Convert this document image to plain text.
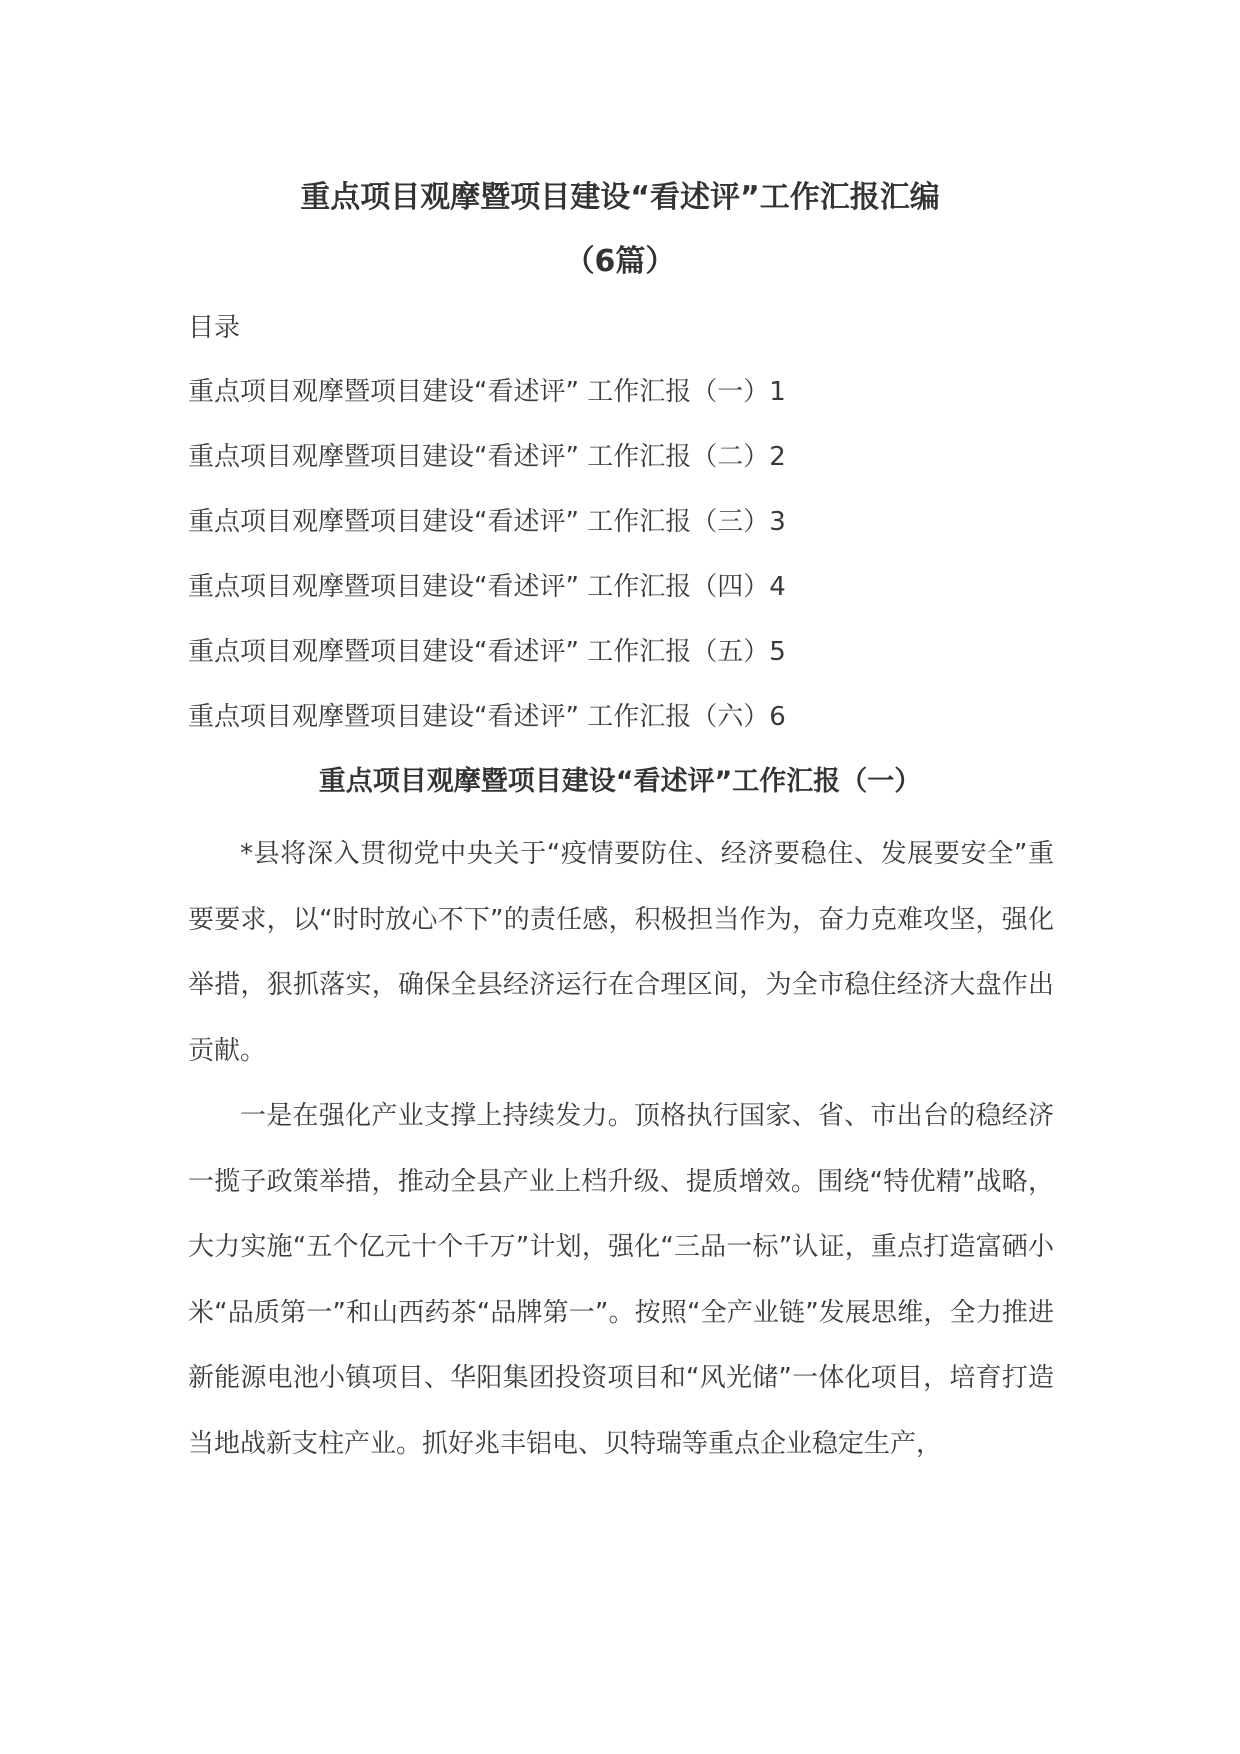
重点项目观摩暨项目建设“看述评”工作汇报汇编
（6篇）
目录
重点项目观摩暨项目建设“看述评” 工作汇报（一）1
重点项目观摩暨项目建设“看述评” 工作汇报（二）2
重点项目观摩暨项目建设“看述评” 工作汇报（三）3
重点项目观摩暨项目建设“看述评” 工作汇报（四）4
重点项目观摩暨项目建设“看述评” 工作汇报（五）5
重点项目观摩暨项目建设“看述评” 工作汇报（六）6
重点项目观摩暨项目建设“看述评”工作汇报（一）

*县将深入贯彻党中央关于“疫情要防住、经济要稳住、发展要安全”重要要求，以“时时放心不下”的责任感，积极担当作为，奋力克难攻坚，强化举措，狠抓落实，确保全县经济运行在合理区间，为全市稳住经济大盘作出贡献。

一是在强化产业支撑上持续发力。顶格执行国家、省、市出台的稳经济一揽子政策举措，推动全县产业上档升级、提质增效。围绕“特优精”战略，大力实施“五个亿元十个千万”计划，强化“三品一标”认证，重点打造富硒小米“品质第一”和山西药茶“品牌第一”。按照“全产业链”发展思维，全力推进新能源电池小镇项目、华阳集团投资项目和“风光储”一体化项目，培育打造当地战新支柱产业。抓好兆丰铝电、贝特瑞等重点企业稳定生产，
